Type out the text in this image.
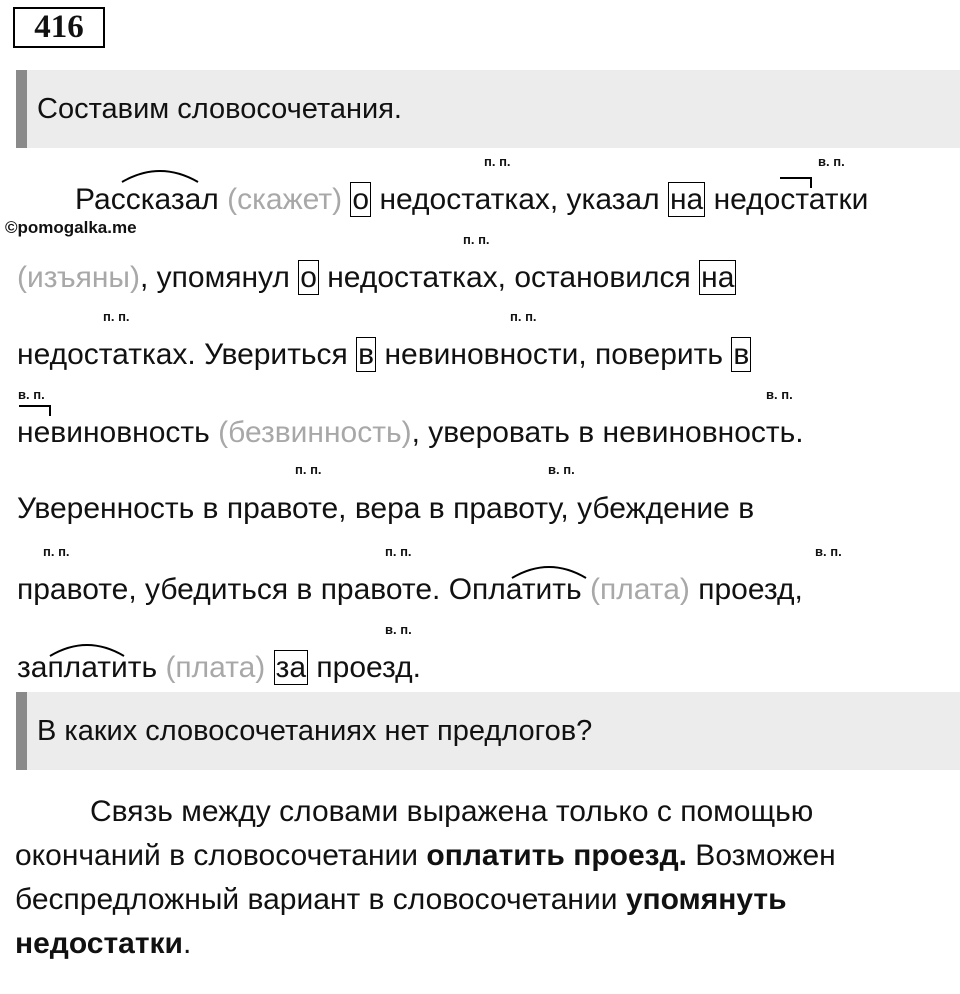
416
Составим словосочетания.
©pomogalka.me
п. п.	в. п.
п. п.
п. п.	п. п.
в. п.	в. п.
п. п.	в. п.
п. п.	п. п.	в. п.
в. п.
Рассказал (скажет) о недостатках, указал на недостатки
(изъяны), упомянул о недостатках, остановился на
недостатках. Увериться в невиновности, поверить в
невиновность (безвинность), уверовать в невиновность.
Уверенность в правоте, вера в правоту, убеждение в
правоте, убедиться в правоте. Оплатить (плата) проезд,
заплатить (плата) за проезд.
В каких словосочетаниях нет предлогов?
Связь между словами выражена только с помощью
окончаний в словосочетании оплатить проезд. Возможен
беспредложный вариант в словосочетании упомянуть
недостатки.
